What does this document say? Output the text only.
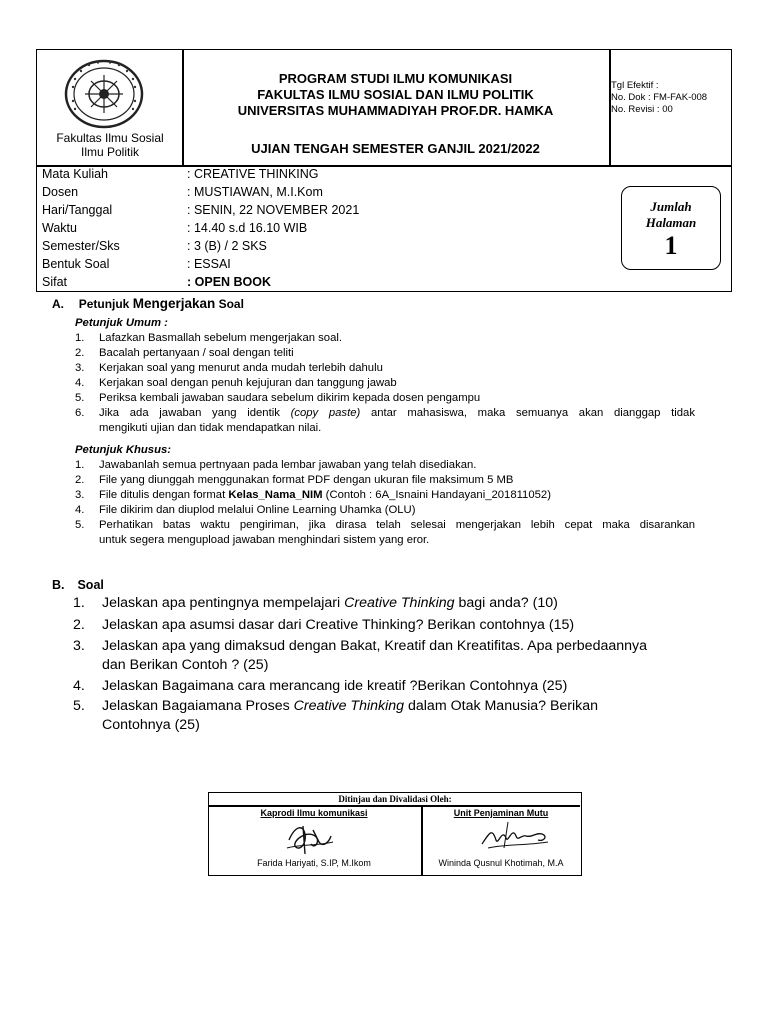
Fakultas Ilmu Sosial
Ilmu Politik
PROGRAM STUDI ILMU KOMUNIKASI
FAKULTAS ILMU SOSIAL DAN ILMU POLITIK
UNIVERSITAS MUHAMMADIYAH PROF.DR. HAMKA
UJIAN TENGAH SEMESTER GANJIL 2021/2022
Tgl Efektif :
No. Dok : FM-FAK-008
No. Revisi : 00
Mata Kuliah	: CREATIVE THINKING
Dosen	: MUSTIAWAN, M.I.Kom
Hari/Tanggal	: SENIN, 22 NOVEMBER 2021
Waktu	: 14.40 s.d 16.10 WIB
Semester/Sks	: 3 (B) / 2 SKS
Bentuk Soal	: ESSAI
Sifat	: OPEN BOOK
Jumlah
Halaman
1
A. Petunjuk Mengerjakan Soal
Petunjuk Umum :
1.	Lafazkan Basmallah sebelum mengerjakan soal.
2.	Bacalah pertanyaan / soal dengan teliti
3.	Kerjakan soal yang menurut anda mudah terlebih dahulu
4.	Kerjakan soal dengan penuh kejujuran dan tanggung jawab
5.	Periksa kembali jawaban saudara sebelum dikirim kepada dosen pengampu
6.	Jika ada jawaban yang identik (copy paste) antar mahasiswa, maka semuanya akan dianggap tidak
mengikuti ujian dan tidak mendapatkan nilai.
Petunjuk Khusus:
1.	Jawabanlah semua pertnyaan pada lembar jawaban yang telah disediakan.
2.	File yang diunggah menggunakan format PDF dengan ukuran file maksimum 5 MB
3.	File ditulis dengan format Kelas_Nama_NIM (Contoh : 6A_Isnaini Handayani_201811052)
4.	File dikirim dan diuplod melalui Online Learning Uhamka (OLU)
5.	Perhatikan batas waktu pengiriman, jika dirasa telah selesai mengerjakan lebih cepat maka disarankan
untuk segera mengupload jawaban menghindari sistem yang eror.
B. Soal
1.	Jelaskan apa pentingnya mempelajari Creative Thinking bagi anda? (10)
2.	Jelaskan apa asumsi dasar dari Creative Thinking? Berikan contohnya (15)
3.	Jelaskan apa yang dimaksud dengan Bakat, Kreatif dan Kreatifitas. Apa perbedaannya
dan Berikan Contoh ? (25)
4.	Jelaskan Bagaimana cara merancang ide kreatif ?Berikan Contohnya (25)
5.	Jelaskan Bagaiamana Proses Creative Thinking dalam Otak Manusia? Berikan
Contohnya (25)
Ditinjau dan Divalidasi Oleh:
Kaprodi Ilmu komunikasi	Unit Penjaminan Mutu
Farida Hariyati, S.IP, M.Ikom	Wininda Qusnul Khotimah, M.A
